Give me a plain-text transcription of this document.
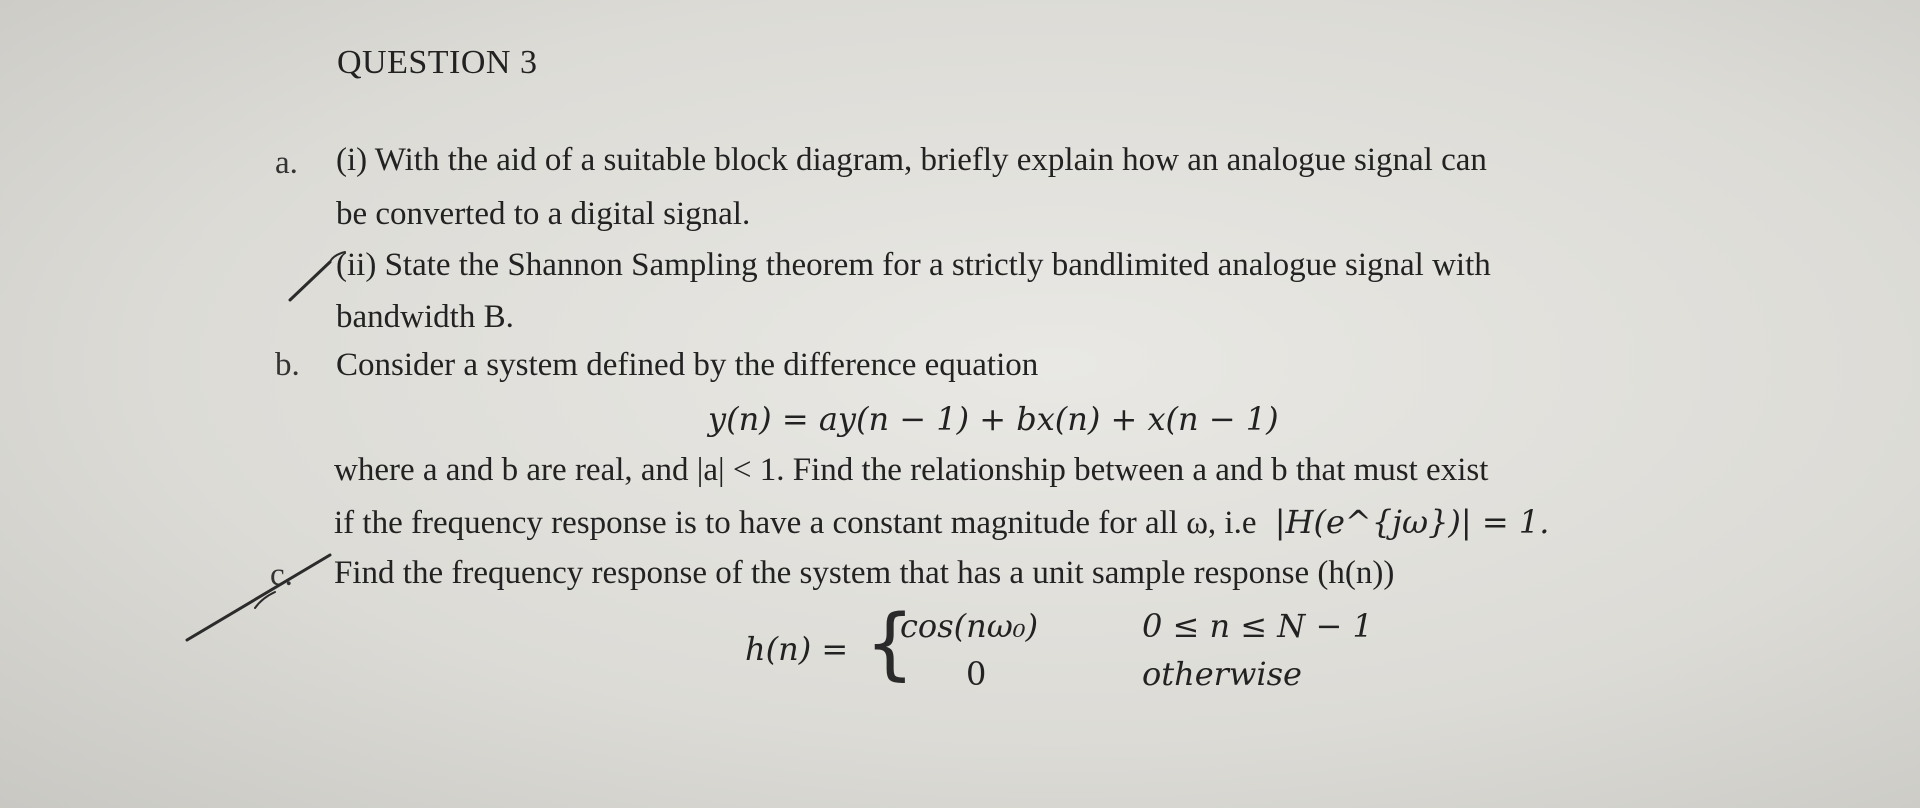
QUESTION 3
a. (i) With the aid of a suitable block diagram, briefly explain how an analogue signal can
be converted to a digital signal.
(ii) State the Shannon Sampling theorem for a strictly bandlimited analogue signal with
bandwidth B.
b. Consider a system defined by the difference equation
y(n) = ay(n − 1) + bx(n) + x(n − 1)
where a and b are real, and |a| < 1. Find the relationship between a and b that must exist
if the frequency response is to have a constant magnitude for all ω, i.e |H(e^{jω})| = 1.
c. Find the frequency response of the system that has a unit sample response (h(n))
h(n) = {
cos(nω₀)
0
0 ≤ n ≤ N − 1
otherwise
